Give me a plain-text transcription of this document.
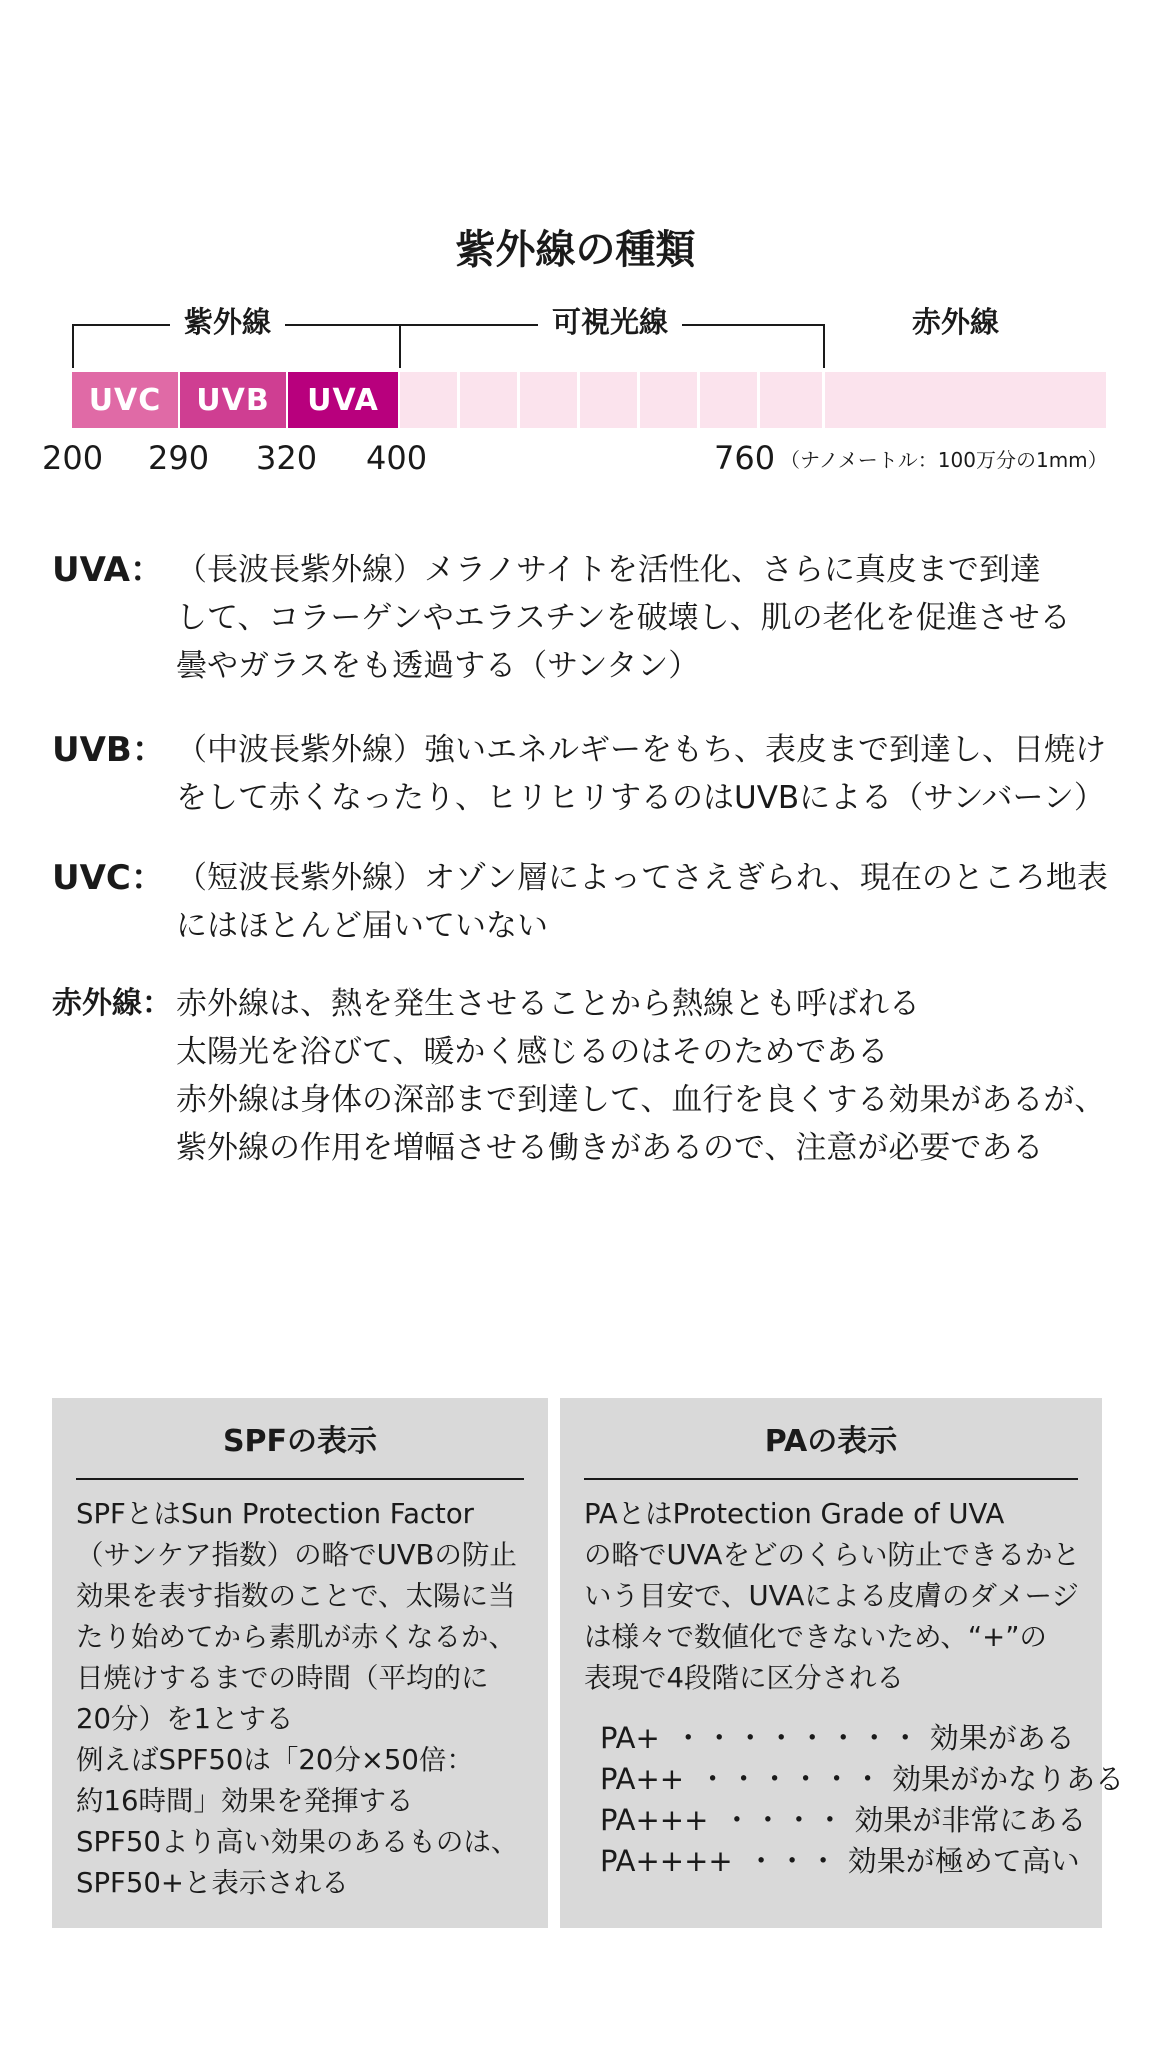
紫外線の種類
紫外線	可視光線	赤外線
UVC UVB UVA
200 290 320 400	760 （ナノメートル：100万分の1mm）
UVA： （長波長紫外線）メラノサイトを活性化、さらに真皮まで到達
して、コラーゲンやエラスチンを破壊し、肌の老化を促進させる
曇やガラスをも透過する（サンタン）
UVB： （中波長紫外線）強いエネルギーをもち、表皮まで到達し、日焼け
をして赤くなったり、ヒリヒリするのはUVBによる（サンバーン）
UVC： （短波長紫外線）オゾン層によってさえぎられ、現在のところ地表
にはほとんど届いていない
赤外線： 赤外線は、熱を発生させることから熱線とも呼ばれる
太陽光を浴びて、暖かく感じるのはそのためである
赤外線は身体の深部まで到達して、血行を良くする効果があるが、
紫外線の作用を増幅させる働きがあるので、注意が必要である
SPFの表示
SPFとはSun Protection Factor
（サンケア指数）の略でUVBの防止
効果を表す指数のことで、太陽に当
たり始めてから素肌が赤くなるか、
日焼けするまでの時間（平均的に
20分）を1とする
例えばSPF50は「20分×50倍：
約16時間」効果を発揮する
SPF50より高い効果のあるものは、
SPF50+と表示される
PAの表示
PAとはProtection Grade of UVA
の略でUVAをどのくらい防止できるかと
いう目安で、UVAによる皮膚のダメージ
は様々で数値化できないため、“+”の
表現で4段階に区分される
PA+ ・・・・・・・・ 効果がある
PA++ ・・・・・・ 効果がかなりある
PA+++ ・・・・ 効果が非常にある
PA++++ ・・・ 効果が極めて高い
